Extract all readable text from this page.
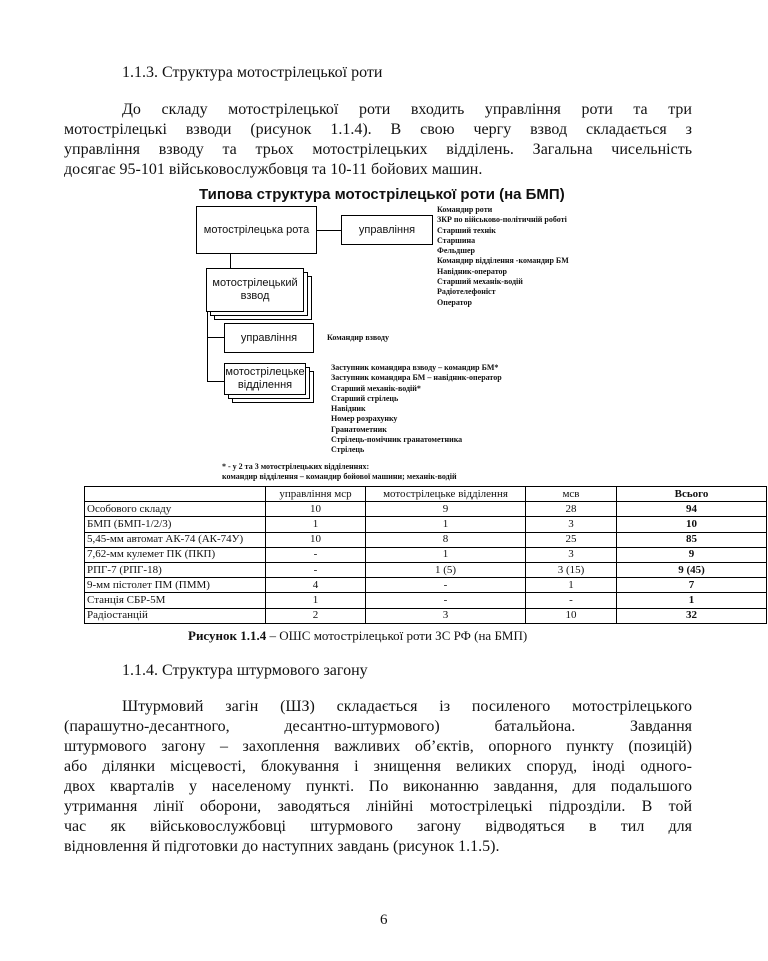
1.1.3. Структура мотострілецької роти
До складу мотострілецької роти входить управління роти та три
мотострілецькі взводи (рисунок 1.1.4). В свою чергу взвод складається з
управління взводу та трьох мотострілецьких відділень. Загальна чисельність
досягає 95-101 військовослужбовця та 10-11 бойових машин.
Типова структура мотострілецької роти (на БМП)
мотострілецька рота	управління
Командир роти
ЗКР по військово-політичній роботі
Старший технік
Старшина
Фельдшер
Командир відділення -командир БМ
Навідник-оператор
Старший механік-водій
Радіотелефоніст
Оператор
мотострілецький взвод
управління	Командир взводу
мотострілецьке відділення
Заступник командира взводу – командир БМ*
Заступник командира БМ – навідник-оператор
Старший механік-водій*
Старший стрілець
Навідник
Номер розрахунку
Гранатометник
Стрілець-помічник гранатометника
Стрілець
* - у 2 та 3 мотострілецьких відділеннях:
командир відділення – командир бойової машини; механік-водій
	управління мср	мотострілецьке відділення	мсв	Всього
Особового складу	10	9	28	94
БМП (БМП-1/2/3)	1	1	3	10
5,45-мм автомат АК-74 (АК-74У)	10	8	25	85
7,62-мм кулемет ПК (ПКП)	-	1	3	9
РПГ-7 (РПГ-18)	-	1 (5)	3 (15)	9 (45)
9-мм пістолет ПМ (ПММ)	4	-	1	7
Станція СБР-5М	1	-	-	1
Радіостанцій	2	3	10	32
Рисунок 1.1.4 – ОШС мотострілецької роти ЗС РФ (на БМП)
1.1.4. Структура штурмового загону
Штурмовий загін (ШЗ) складається із посиленого мотострілецького
(парашутно-десантного, десантно-штурмового) батальйона. Завдання
штурмового загону – захоплення важливих об’єктів, опорного пункту (позицій)
або ділянки місцевості, блокування і знищення великих споруд, іноді одного-
двох кварталів у населеному пункті. По виконанню завдання, для подальшого
утримання лінії оборони, заводяться лінійні мотострілецькі підрозділи. В той
час як військовослужбовці штурмового загону відводяться в тил для
відновлення й підготовки до наступних завдань (рисунок 1.1.5).
6
